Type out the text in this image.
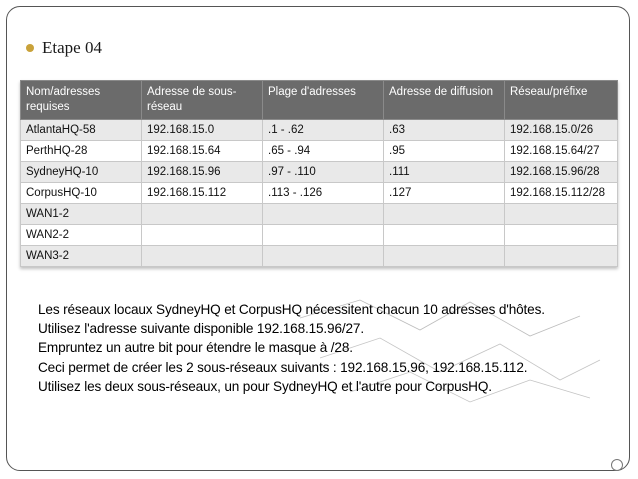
Etape 04
Nom/adresses requises	Adresse de sous-réseau	Plage d'adresses	Adresse de diffusion	Réseau/préfixe
AtlantaHQ-58	192.168.15.0	.1 - .62	.63	192.168.15.0/26
PerthHQ-28	192.168.15.64	.65 - .94	.95	192.168.15.64/27
SydneyHQ-10	192.168.15.96	.97 - .110	.111	192.168.15.96/28
CorpusHQ-10	192.168.15.112	.113 - .126	.127	192.168.15.112/28
WAN1-2				
WAN2-2				
WAN3-2				
Les réseaux locaux SydneyHQ et CorpusHQ nécessitent chacun 10 adresses d'hôtes.
Utilisez l'adresse suivante disponible 192.168.15.96/27.
Empruntez un autre bit pour étendre le masque à /28.
Ceci permet de créer les 2 sous-réseaux suivants : 192.168.15.96, 192.168.15.112.
Utilisez les deux sous-réseaux, un pour SydneyHQ et l'autre pour CorpusHQ.
